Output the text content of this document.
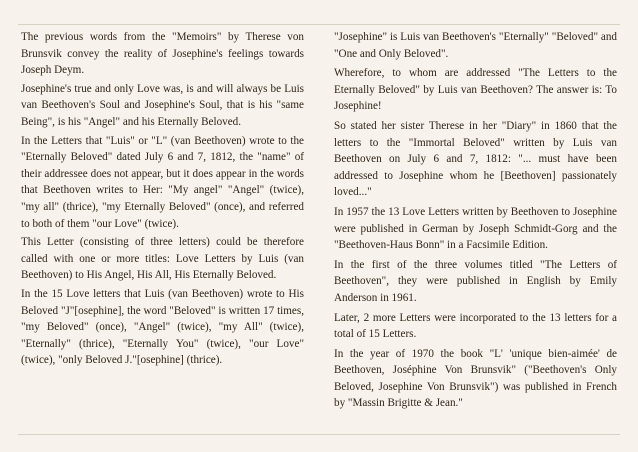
The previous words from the "Memoirs" by Therese von Brunsvik convey the reality of Josephine's feelings towards Joseph Deym.

Josephine's true and only Love was, is and will always be Luis van Beethoven's Soul and Josephine's Soul, that is his "same Being", is his "Angel" and his Eternally Beloved.

In the Letters that "Luis" or "L" (van Beethoven) wrote to the "Eternally Beloved" dated July 6 and 7, 1812, the "name" of their addressee does not appear, but it does appear in the words that Beethoven writes to Her: "My angel" "Angel" (twice), "my all" (thrice), "my Eternally Beloved" (once), and referred to both of them "our Love" (twice).

This Letter (consisting of three letters) could be therefore called with one or more titles: Love Letters by Luis (van Beethoven) to His Angel, His All, His Eternally Beloved.

In the 15 Love letters that Luis (van Beethoven) wrote to His Beloved "J"[osephine], the word "Beloved" is written 17 times, "my Beloved" (once), "Angel" (twice), "my All" (twice), "Eternally" (thrice), "Eternally You" (twice), "our Love" (twice), "only Beloved J."[osephine] (thrice).

"Josephine" is Luis van Beethoven's "Eternally" "Beloved" and "One and Only Beloved".

Wherefore, to whom are addressed "The Letters to the Eternally Beloved" by Luis van Beethoven? The answer is: To Josephine!

So stated her sister Therese in her "Diary" in 1860 that the letters to the "Immortal Beloved" written by Luis van Beethoven on July 6 and 7, 1812: "... must have been addressed to Josephine whom he [Beethoven] passionately loved..."

In 1957 the 13 Love Letters written by Beethoven to Josephine were published in German by Joseph Schmidt-Gorg and the "Beethoven-Haus Bonn" in a Facsimile Edition.

In the first of the three volumes titled "The Letters of Beethoven", they were published in English by Emily Anderson in 1961.

Later, 2 more Letters were incorporated to the 13 letters for a total of 15 Letters.

In the year of 1970 the book "L' 'unique bien-aimée' de Beethoven, Joséphine Von Brunsvik" ("Beethoven's Only Beloved, Josephine Von Brunsvik") was published in French by "Massin Brigitte & Jean."
